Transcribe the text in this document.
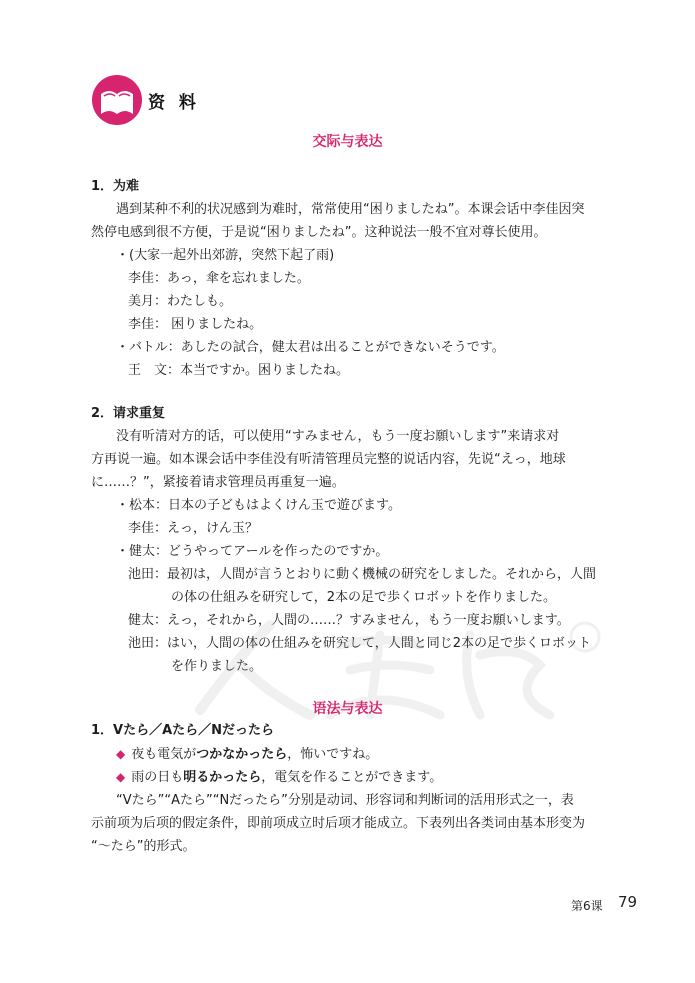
资 料
交际与表达
1．为难
遇到某种不利的状况感到为难时，常常使用“困りましたね”。本课会话中李佳因突
然停电感到很不方便，于是说“困りましたね”。这种说法一般不宜对尊长使用。
・(大家一起外出郊游，突然下起了雨)
李佳：あっ，傘を忘れました。
美月：わたしも。
李佳： 困りましたね。
・バトル：あしたの試合，健太君は出ることができないそうです。
王　文：本当ですか。困りましたね。
2．请求重复
没有听清对方的话，可以使用“すみません，もう一度お願いします”来请求对
方再说一遍。如本课会话中李佳没有听清管理员完整的说话内容，先说“えっ，地球
に……？”，紧接着请求管理员再重复一遍。
・松本：日本の子どもはよくけん玉で遊びます。
李佳：えっ，けん玉？
・健太：どうやってアールを作ったのですか。
池田：最初は，人間が言うとおりに動く機械の研究をしました。それから，人間
の体の仕組みを研究して，2本の足で歩くロボットを作りました。
健太：えっ，それから，人間の……？すみません，もう一度お願いします。
池田：はい，人間の体の仕組みを研究して，人間と同じ2本の足で歩くロボット
を作りました。
语法与表达
1．Vたら／Aたら／Nだったら
◆ 夜も電気がつかなかったら，怖いですね。
◆ 雨の日も明るかったら，電気を作ることができます。
“Vたら”“Aたら”“Nだったら”分别是动词、形容词和判断词的活用形式之一，表
示前项为后项的假定条件，即前项成立时后项才能成立。下表列出各类词由基本形变为
“～たら”的形式。
第6课 79
